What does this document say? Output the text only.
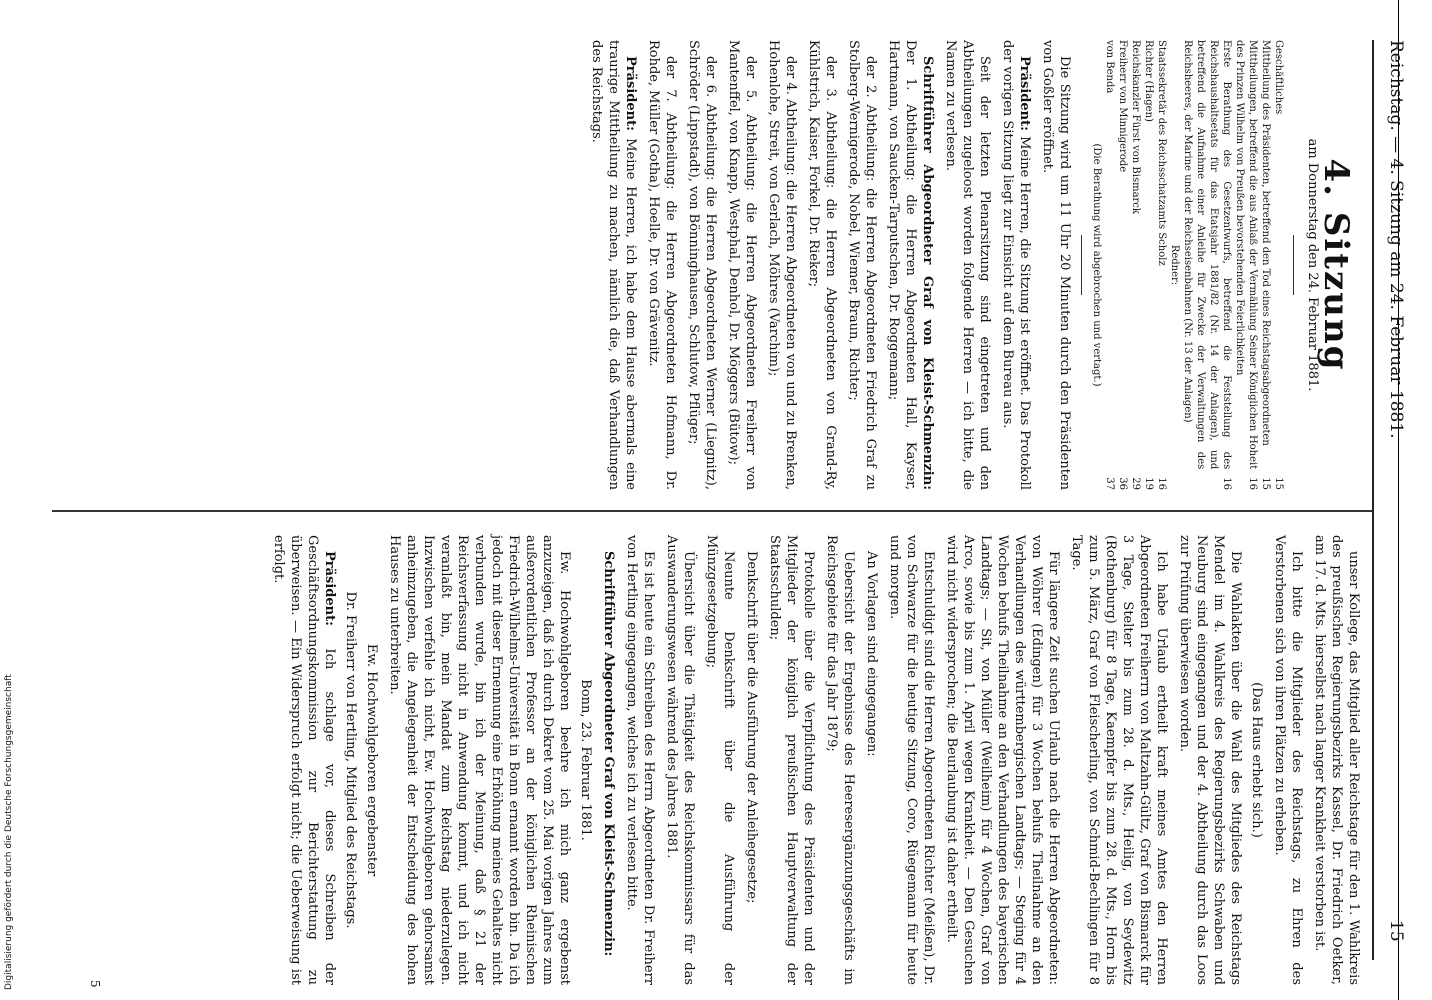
Digitalisierung gefördert durch die Deutsche Forschungsgemeinschaft
Reichstag. — 4. Sitzung am 24. Februar 1881.
15
4. Sitzung
am Donnerstag den 24. Februar 1881.
Geschäftliches
15
Mittheilung des Präsidenten, betreffend den Tod eines Reichstagsabgeordneten
15
Mittheilungen, betreffend die aus Anlaß der Vermählung Seiner Königlichen Hoheit des Prinzen Wilhelm von Preußen bevorstehenden Feierlichkeiten
16
Erste Berathung des Gesetzentwurfs, betreffend die Feststellung des Reichshaushaltsetats für das Etatsjahr 1881/82 (Nr. 14 der Anlagen), und betreffend die Aufnahme einer Anleihe für Zwecke der Verwaltungen des Reichsheeres, der Marine und der Reichseisenbahnen (Nr. 13 der Anlagen)
16
Redner:
Staatssekretär des Reichsschatzamts Scholz
16
Richter (Hagen)
19
Reichskanzler Fürst von Bismarck
29
Freiherr von Minnigerode
36
von Benda
37
(Die Berathung wird abgebrochen und vertagt.)

Die Sitzung wird um 11 Uhr 20 Minuten durch den Präsidenten von Goßler eröffnet.

Präsident: Meine Herren, die Sitzung ist eröffnet. Das Protokoll der vorigen Sitzung liegt zur Einsicht auf dem Bureau aus.

Seit der letzten Plenarsitzung sind eingetreten und den Abtheilungen zugeloost worden folgende Herren — ich bitte, die Namen zu verlesen.

Schriftführer Abgeordneter Graf von Kleist-Schmenzin: Der 1. Abtheilung: die Herren Abgeordneten Hall, Kayser, Hartmann, von Saucken-Tarputschen, Dr. Roggemann;

der 2. Abtheilung: die Herren Abgeordneten Friedrich Graf zu Stolberg-Wernigerode, Nobel, Wiemer, Braun, Richter;

der 3. Abtheilung: die Herren Abgeordneten von Grand-Ry, Kühlstrich, Kaiser, Forkel, Dr. Rieker;

der 4. Abtheilung: die Herren Abgeordneten von und zu Brenken, Hohenlohe, Streit, von Gerlach, Möhres (Varchim);

der 5. Abtheilung: die Herren Abgeordneten Freiherr von Mantenffel, von Knapp, Westphal, Denhol, Dr. Möggers (Bütow);

der 6. Abtheilung: die Herren Abgeordneten Werner (Liegnitz), Schröder (Lippstadt), von Bönninghausen, Schlutow, Pflüger;

der 7. Abtheilung: die Herren Abgeordneten Hofmann, Dr. Rohde, Müller (Gotha), Hoelle, Dr. von Grävenitz.

Präsident: Meine Herren, ich habe dem Hause abermals eine traurige Mittheilung zu machen, nämlich die, daß Verhandlungen des Reichstags.

unser Kollege, das Mitglied aller Reichstage für den 1. Wahlkreis des preußischen Regierungsbezirks Kassel, Dr. Friedrich Oetker, am 17. d. Mts. hierselbst nach langer Krankheit verstorben ist.

Ich bitte die Mitglieder des Reichstags, zu Ehren des Verstorbenen sich von ihren Plätzen zu erheben.

(Das Haus erhebt sich.)

Die Wahlakten über die Wahl des Mitgliedes des Reichstags Mendel im 4. Wahlkreis des Regierungsbezirks Schwaben und Neuburg sind eingegangen und der 4. Abtheilung durch das Loos zur Prüfung überwiesen worden.

Ich habe Urlaub ertheilt kraft meines Amtes den Herren Abgeordneten Freiherrn von Maltzahn-Gültz, Graf von Bismarck für 3 Tage, Stelter bis zum 28. d. Mts., Heilig, von Seydewitz (Rothenburg) für 8 Tage, Kaempfer bis zum 28. d. Mts., Horn bis zum 5. März, Graf von Fleischerling, von Schmid-Bechlingen für 8 Tage.

Für längere Zeit suchen Urlaub nach die Herren Abgeordneten: von Wöhrer (Edingen) für 3 Wochen behufs Theilnahme an den Verhandlungen des württembergischen Landtags; — Steging für 4 Wochen behufs Theilnahme an den Verhandlungen des bayerischen Landtags; — Sit, von Müller (Weilheim) für 4 Wochen, Graf von Arco, sowie bis zum 1. April wegen Krankheit. — Den Gesuchen wird nicht widersprochen; die Beurlaubung ist daher ertheilt.

Entschuldigt sind die Herren Abgeordneten Richter (Meißen), Dr. von Schwarze für die heutige Sitzung, Coro, Rüegemann für heute und morgen.

An Vorlagen sind eingegangen:

Uebersicht der Ergebnisse des Heeresergänzungsgeschäfts im Reichsgebiete für das Jahr 1879;

Protokolle über die Verpflichtung des Präsidenten und der Mitglieder der königlich preußischen Hauptverwaltung der Staatsschulden;

Denkschrift über die Ausführung der Anleihegesetze;

Neunte Denkschrift über die Ausführung der Münzgesetzgebung;

Übersicht über die Thätigkeit des Reichskommissars für das Auswanderungswesen während des Jahres 1881.

Es ist heute ein Schreiben des Herrn Abgeordneten Dr. Freiherr von Hertling eingegangen, welches ich zu verlesen bitte.

Schriftführer Abgeordneter Graf von Kleist-Schmenzin:

Bonn, 23. Februar 1881.

Ew. Hochwohlgeboren beehre ich mich ganz ergebenst anzuzeigen, daß ich durch Dekret vom 25. Mai vorigen Jahres zum außerordentlichen Professor an der königlichen Rheinischen Friedrich-Wilhelms-Universität in Bonn ernannt worden bin. Da ich jedoch mit dieser Ernennung eine Erhöhung meines Gehaltes nicht verbunden wurde, bin ich der Meinung, daß § 21 der Reichsverfassung nicht in Anwendung kommt, und ich nicht veranlaßt bin, mein Mandat zum Reichstag niederzulegen. Inzwischen verfehle ich nicht, Ew. Hochwohlgeboren gehorsamst anheimzugeben, die Angelegenheit der Entscheidung des hohen Hauses zu unterbreiten.

Ew. Hochwohlgeboren ergebenster

Dr. Freiherr von Hertling, Mitglied des Reichstags.

Präsident: Ich schlage vor, dieses Schreiben der Geschäftsordnungskommission zur Berichterstattung zu überweisen. — Ein Widerspruch erfolgt nicht; die Ueberweisung ist erfolgt.

5
